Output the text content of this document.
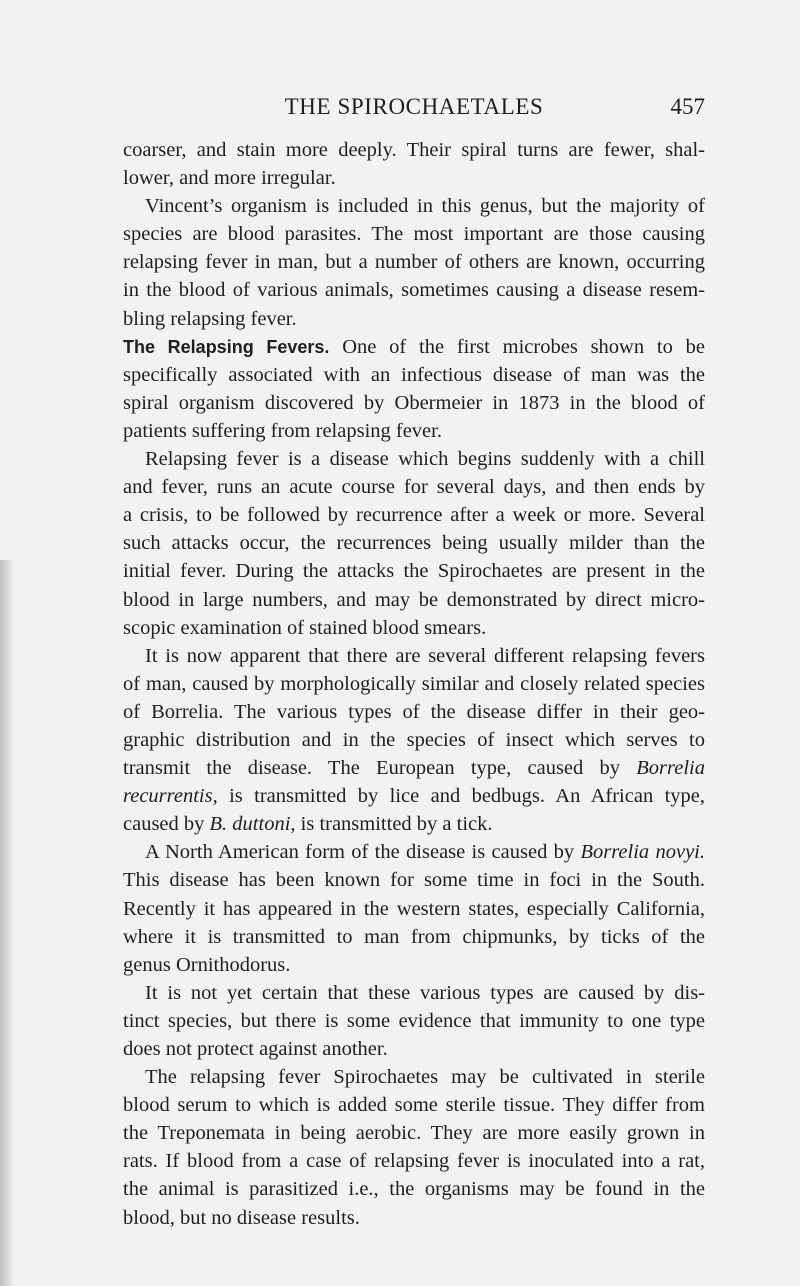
THE SPIROCHAETALES	457
coarser, and stain more deeply. Their spiral turns are fewer, shal-
lower, and more irregular.
Vincent’s organism is included in this genus, but the majority of
species are blood parasites. The most important are those causing
relapsing fever in man, but a number of others are known, occurring
in the blood of various animals, sometimes causing a disease resem-
bling relapsing fever.
The Relapsing Fevers. One of the first microbes shown to be
specifically associated with an infectious disease of man was the
spiral organism discovered by Obermeier in 1873 in the blood of
patients suffering from relapsing fever.
Relapsing fever is a disease which begins suddenly with a chill
and fever, runs an acute course for several days, and then ends by
a crisis, to be followed by recurrence after a week or more. Several
such attacks occur, the recurrences being usually milder than the
initial fever. During the attacks the Spirochaetes are present in the
blood in large numbers, and may be demonstrated by direct micro-
scopic examination of stained blood smears.
It is now apparent that there are several different relapsing fevers
of man, caused by morphologically similar and closely related species
of Borrelia. The various types of the disease differ in their geo-
graphic distribution and in the species of insect which serves to
transmit the disease. The European type, caused by Borrelia
recurrentis, is transmitted by lice and bedbugs. An African type,
caused by B. duttoni, is transmitted by a tick.
A North American form of the disease is caused by Borrelia novyi.
This disease has been known for some time in foci in the South.
Recently it has appeared in the western states, especially California,
where it is transmitted to man from chipmunks, by ticks of the
genus Ornithodorus.
It is not yet certain that these various types are caused by dis-
tinct species, but there is some evidence that immunity to one type
does not protect against another.
The relapsing fever Spirochaetes may be cultivated in sterile
blood serum to which is added some sterile tissue. They differ from
the Treponemata in being aerobic. They are more easily grown in
rats. If blood from a case of relapsing fever is inoculated into a rat,
the animal is parasitized i.e., the organisms may be found in the
blood, but no disease results.
